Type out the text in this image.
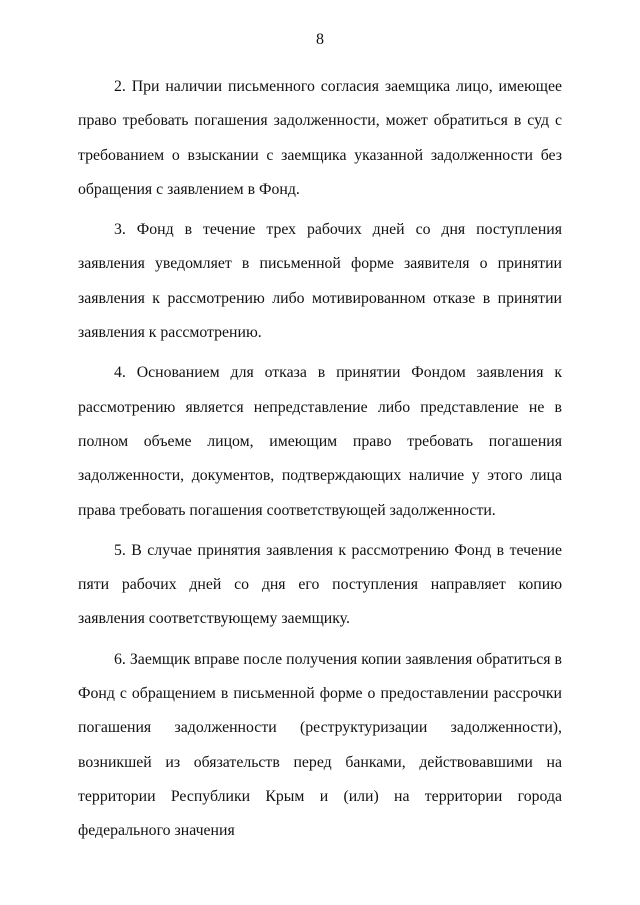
8

2. При наличии письменного согласия заемщика лицо, имеющее право требовать погашения задолженности, может обратиться в суд с требованием о взыскании с заемщика указанной задолженности без обращения с заявлением в Фонд.

3. Фонд в течение трех рабочих дней со дня поступления заявления уведомляет в письменной форме заявителя о принятии заявления к рассмотрению либо мотивированном отказе в принятии заявления к рассмотрению.

4. Основанием для отказа в принятии Фондом заявления к рассмотрению является непредставление либо представление не в полном объеме лицом, имеющим право требовать погашения задолженности, документов, подтверждающих наличие у этого лица права требовать погашения соответствующей задолженности.

5. В случае принятия заявления к рассмотрению Фонд в течение пяти рабочих дней со дня его поступления направляет копию заявления соответствующему заемщику.

6. Заемщик вправе после получения копии заявления обратиться в Фонд с обращением в письменной форме о предоставлении рассрочки погашения задолженности (реструктуризации задолженности), возникшей из обязательств перед банками, действовавшими на территории Республики Крым и (или) на территории города федерального значения
